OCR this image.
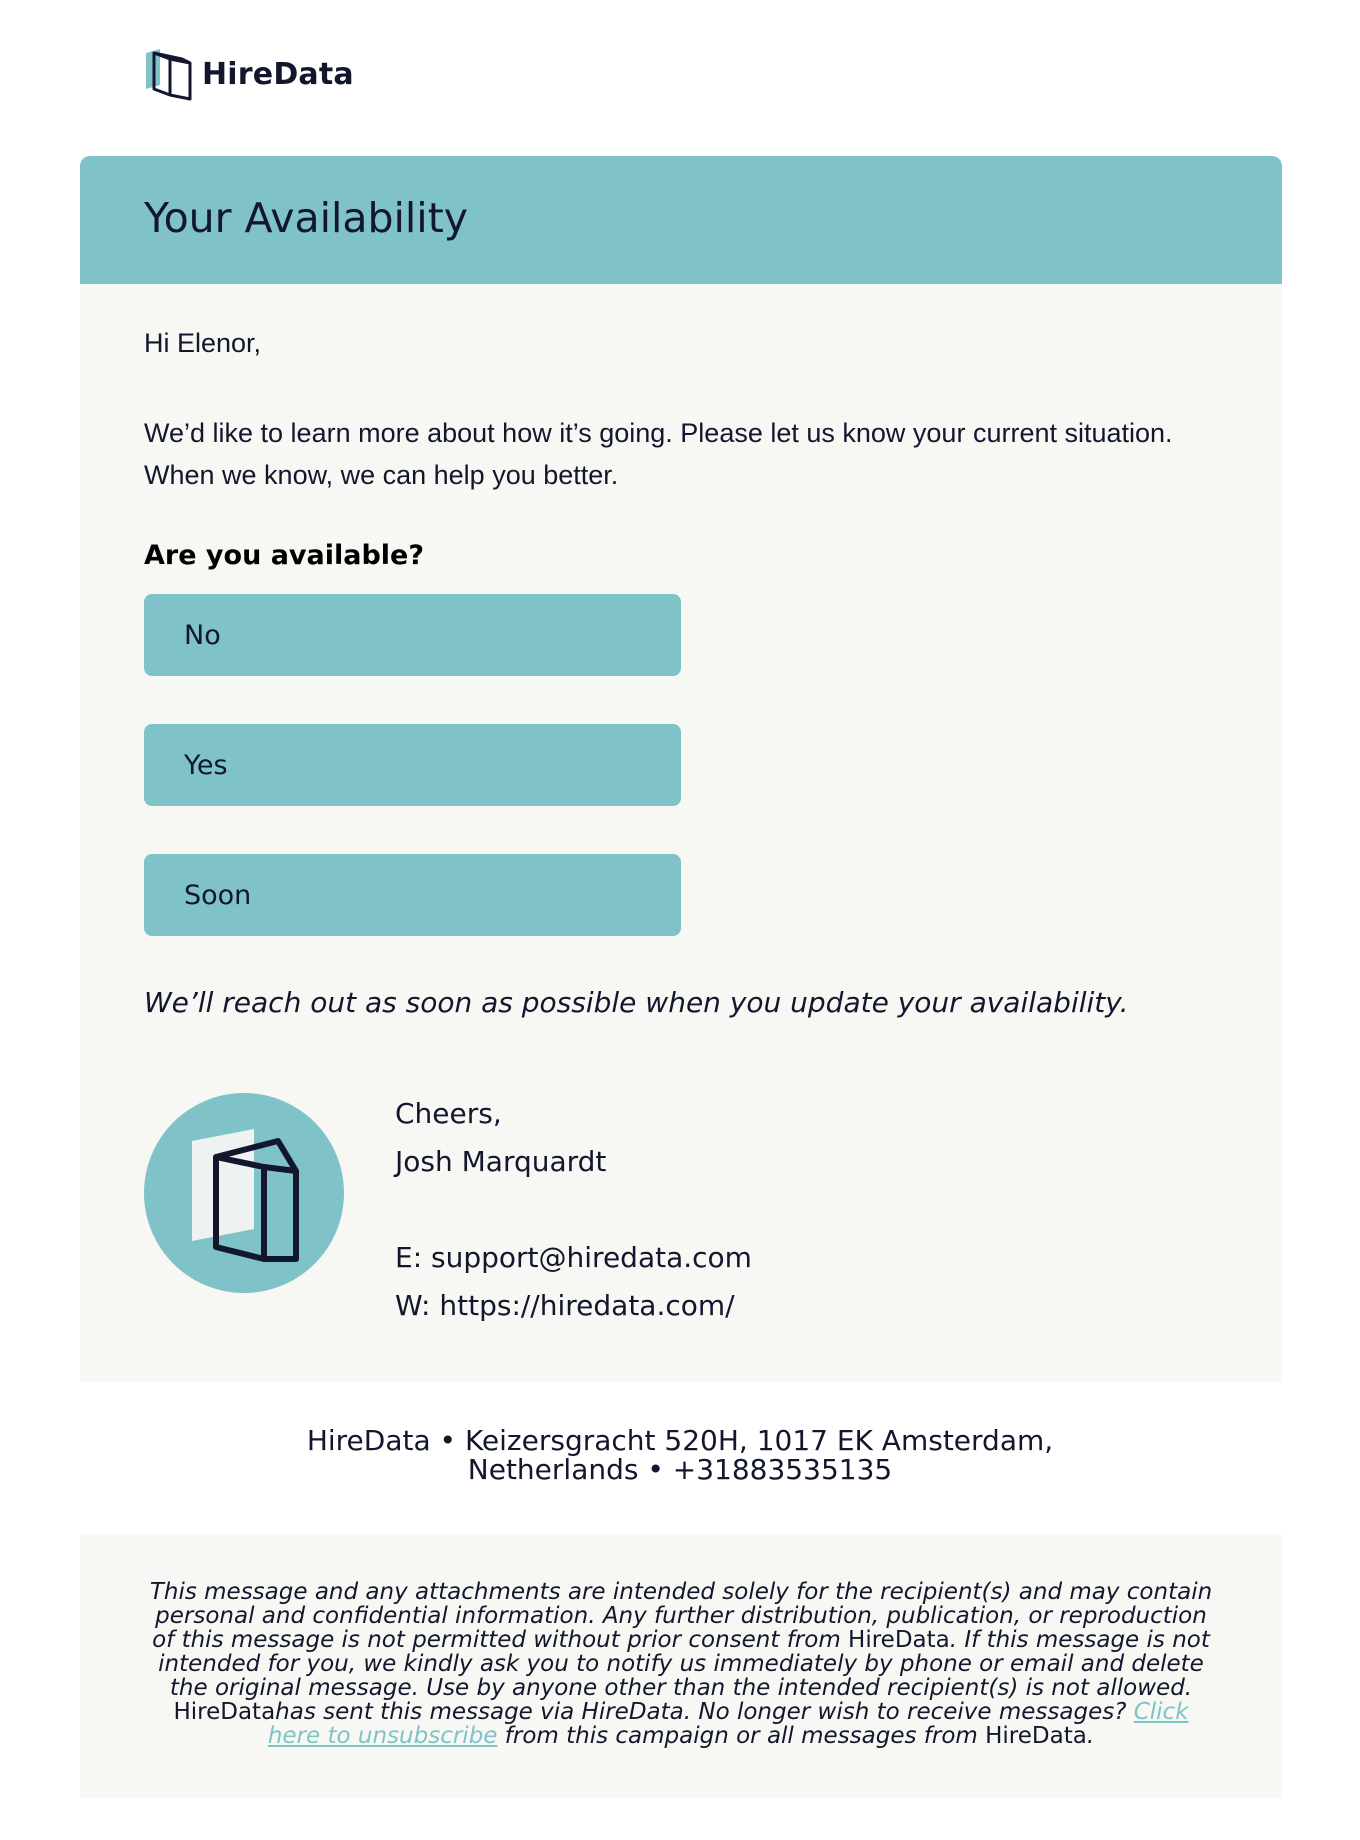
HireData
Your Availability
Hi Elenor,
We’d like to learn more about how it’s going. Please let us know your current situation. When we know, we can help you better.
Are you available?
No
Yes
Soon
We’ll reach out as soon as possible when you update your availability.
Cheers,
Josh Marquardt
E: support@hiredata.com
W: https://hiredata.com/
HireData • Keizersgracht 520H, 1017 EK Amsterdam, Netherlands • +31883535135
This message and any attachments are intended solely for the recipient(s) and may contain personal and confidential information. Any further distribution, publication, or reproduction of this message is not permitted without prior consent from HireData. If this message is not intended for you, we kindly ask you to notify us immediately by phone or email and delete the original message. Use by anyone other than the intended recipient(s) is not allowed. HireDatahas sent this message via HireData. No longer wish to receive messages? Click here to unsubscribe from this campaign or all messages from HireData.
